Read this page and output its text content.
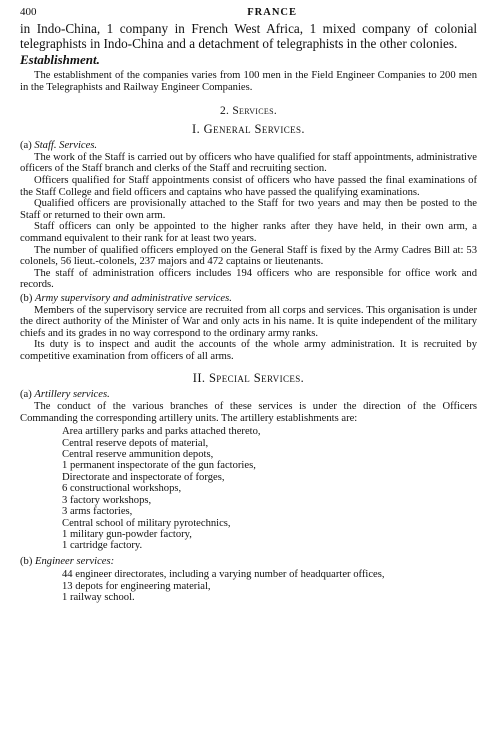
400	FRANCE

in Indo-China, 1 company in French West Africa, 1 mixed company of colonial telegraphists in Indo-China and a detachment of telegraphists in the other colonies.

Establishment.

The establishment of the companies varies from 100 men in the Field Engineer Companies to 200 men in the Telegraphists and Railway Engineer Companies.

2. Services.
I. General Services.
(a) Staff. Services.

The work of the Staff is carried out by officers who have qualified for staff appointments, administrative officers of the Staff branch and clerks of the Staff and recruiting section.

Officers qualified for Staff appointments consist of officers who have passed the final examinations of the Staff College and field officers and captains who have passed the qualifying examinations.

Qualified officers are provisionally attached to the Staff for two years and may then be posted to the Staff or returned to their own arm.

Staff officers can only be appointed to the higher ranks after they have held, in their own arm, a command equivalent to their rank for at least two years.

The number of qualified officers employed on the General Staff is fixed by the Army Cadres Bill at: 53 colonels, 56 lieut.-colonels, 237 majors and 472 captains or lieutenants.

The staff of administration officers includes 194 officers who are responsible for office work and records.

(b) Army supervisory and administrative services.

Members of the supervisory service are recruited from all corps and services. This organisation is under the direct authority of the Minister of War and only acts in his name. It is quite independent of the military chiefs and its grades in no way correspond to the ordinary army ranks.

Its duty is to inspect and audit the accounts of the whole army administration. It is recruited by competitive examination from officers of all arms.

II. Special Services.
(a) Artillery services.

The conduct of the various branches of these services is under the direction of the Officers Commanding the corresponding artillery units. The artillery establishments are:

Area artillery parks and parks attached thereto,
Central reserve depots of material,
Central reserve ammunition depots,
1 permanent inspectorate of the gun factories,
Directorate and inspectorate of forges,
6 constructional workshops,
3 factory workshops,
3 arms factories,
Central school of military pyrotechnics,
1 military gun-powder factory,
1 cartridge factory.
(b) Engineer services:
44 engineer directorates, including a varying number of headquarter offices,
13 depots for engineering material,
1 railway school.
